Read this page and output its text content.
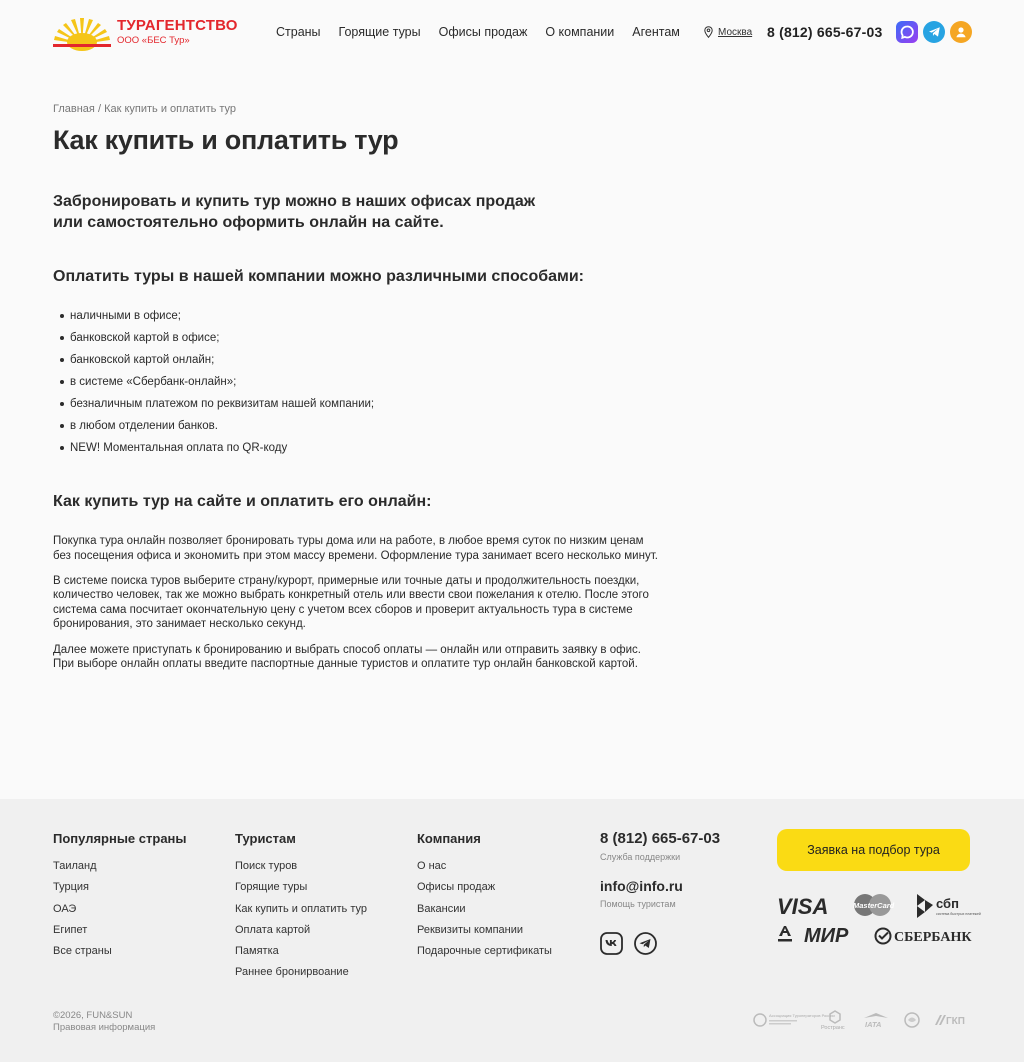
ТУРАГЕНТСТВО
ООО «БЕС Тур»
Страны Горящие туры Офисы продаж О компании Агентам	Москва 8 (812) 665-67-03
Главная / Как купить и оплатить тур
Как купить и оплатить тур
Забронировать и купить тур можно в наших офисах продаж
или самостоятельно оформить онлайн на сайте.
Оплатить туры в нашей компании можно различными способами:
наличными в офисе;
банковской картой в офисе;
банковской картой онлайн;
в системе «Сбербанк-онлайн»;
безналичным платежом по реквизитам нашей компании;
в любом отделении банков.
NEW! Моментальная оплата по QR-коду
Как купить тур на сайте и оплатить его онлайн:

Покупка тура онлайн позволяет бронировать туры дома или на работе, в любое время суток по низким ценам без посещения офиса и экономить при этом массу времени. Оформление тура занимает всего несколько минут.

В системе поиска туров выберите страну/курорт, примерные или точные даты и продолжительность поездки, количество человек, так же можно выбрать конкретный отель или ввести свои пожелания к отелю. После этого система сама посчитает окончательную цену с учетом всех сборов и проверит актуальность тура в системе бронирования, это занимает несколько секунд.

Далее можете приступать к бронированию и выбрать способ оплаты — онлайн или отправить заявку в офис. При выборе онлайн оплаты введите паспортные данные туристов и оплатите тур онлайн банковской картой.

Популярные страны
Таиланд
Турция
ОАЭ
Египет
Все страны
Туристам
Поиск туров
Горящие туры
Как купить и оплатить тур
Оплата картой
Памятка
Раннее бронирвоание
Компания
О нас
Офисы продаж
Вакансии
Реквизиты компании
Подарочные сертификаты
8 (812) 665-67-03
Служба поддержки
info@info.ru
Помощь туристам
Заявка на подбор тура
VISA	MasterCard	сбп
система быстрых платежей
МИР	СБЕРБАНК
©2026, FUN&SUN
Правовая информация
Ассоциация Туроператоров России
Ространс	IATA	ГКП
